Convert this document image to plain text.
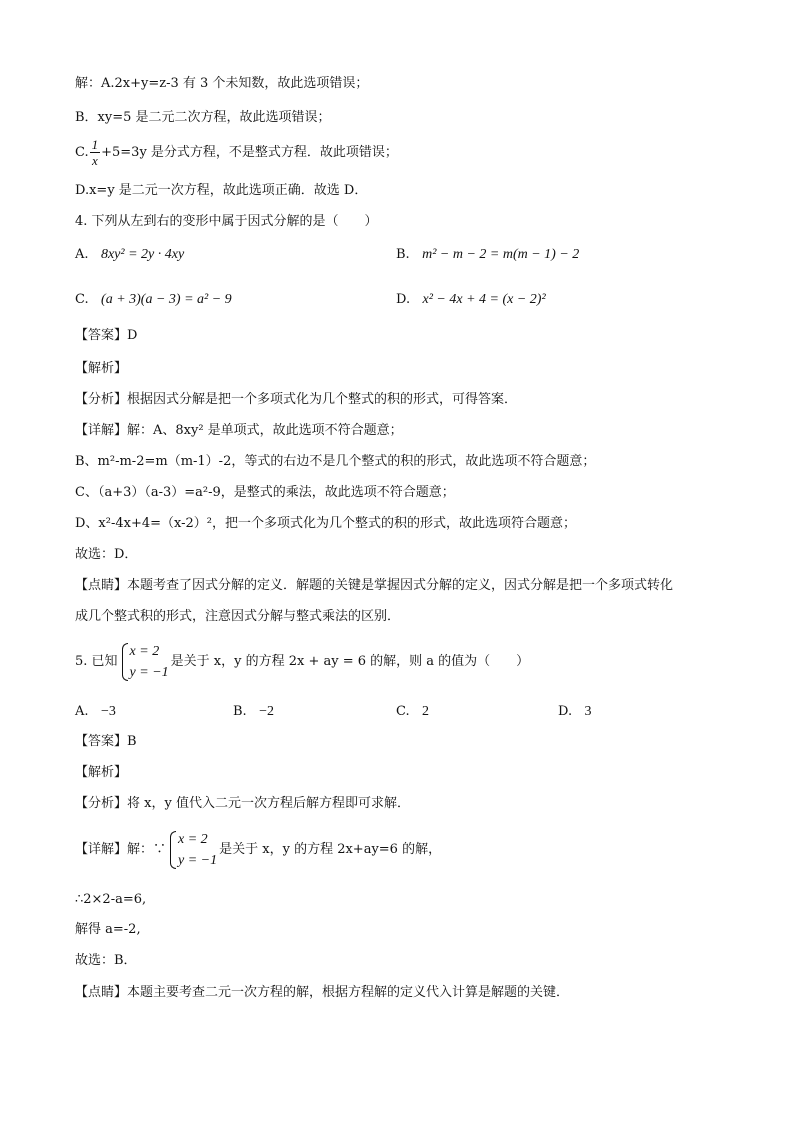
解：A.2x+y=z-3 有 3 个未知数，故此选项错误；
B．xy=5 是二元二次方程，故此选项错误；
C. $\frac{1}{x} +5=3y$ 是分式方程，不是整式方程．故此项错误；
D.x=y 是二元一次方程，故此选项正确．故选 D．
4. 下列从左到右的变形中属于因式分解的是（　　）
A. 8xy² = 2y · 4xy	B. m² − m − 2 = m(m − 1) − 2
C. (a + 3)(a − 3) = a² − 9	D. x² − 4x + 4 = (x − 2)²
【答案】D
【解析】
【分析】根据因式分解是把一个多项式化为几个整式的积的形式，可得答案．
【详解】解：A、8xy² 是单项式，故此选项不符合题意；
B、m²-m-2=m（m-1）-2，等式的右边不是几个整式的积的形式，故此选项不符合题意；
C、（a+3）（a-3）=a²-9，是整式的乘法，故此选项不符合题意；
D、x²-4x+4=（x-2）²，把一个多项式化为几个整式的积的形式，故此选项符合题意；
故选：D．
【点睛】本题考查了因式分解的定义．解题的关键是掌握因式分解的定义，因式分解是把一个多项式转化
成几个整式积的形式，注意因式分解与整式乘法的区别．
5. 已知
x = 2
y = −1
是关于 x，y 的方程 2x + ay = 6 的解，则 a 的值为（　　）
A. −3	B. −2	C. 2	D. 3
【答案】B
【解析】
【分析】将 x，y 值代入二元一次方程后解方程即可求解．
【详解】解：∵
x = 2
y = −1
是关于 x，y 的方程 2x+ay=6 的解，
∴2×2-a=6,
解得 a=-2,
故选：B．
【点睛】本题主要考查二元一次方程的解，根据方程解的定义代入计算是解题的关键．
